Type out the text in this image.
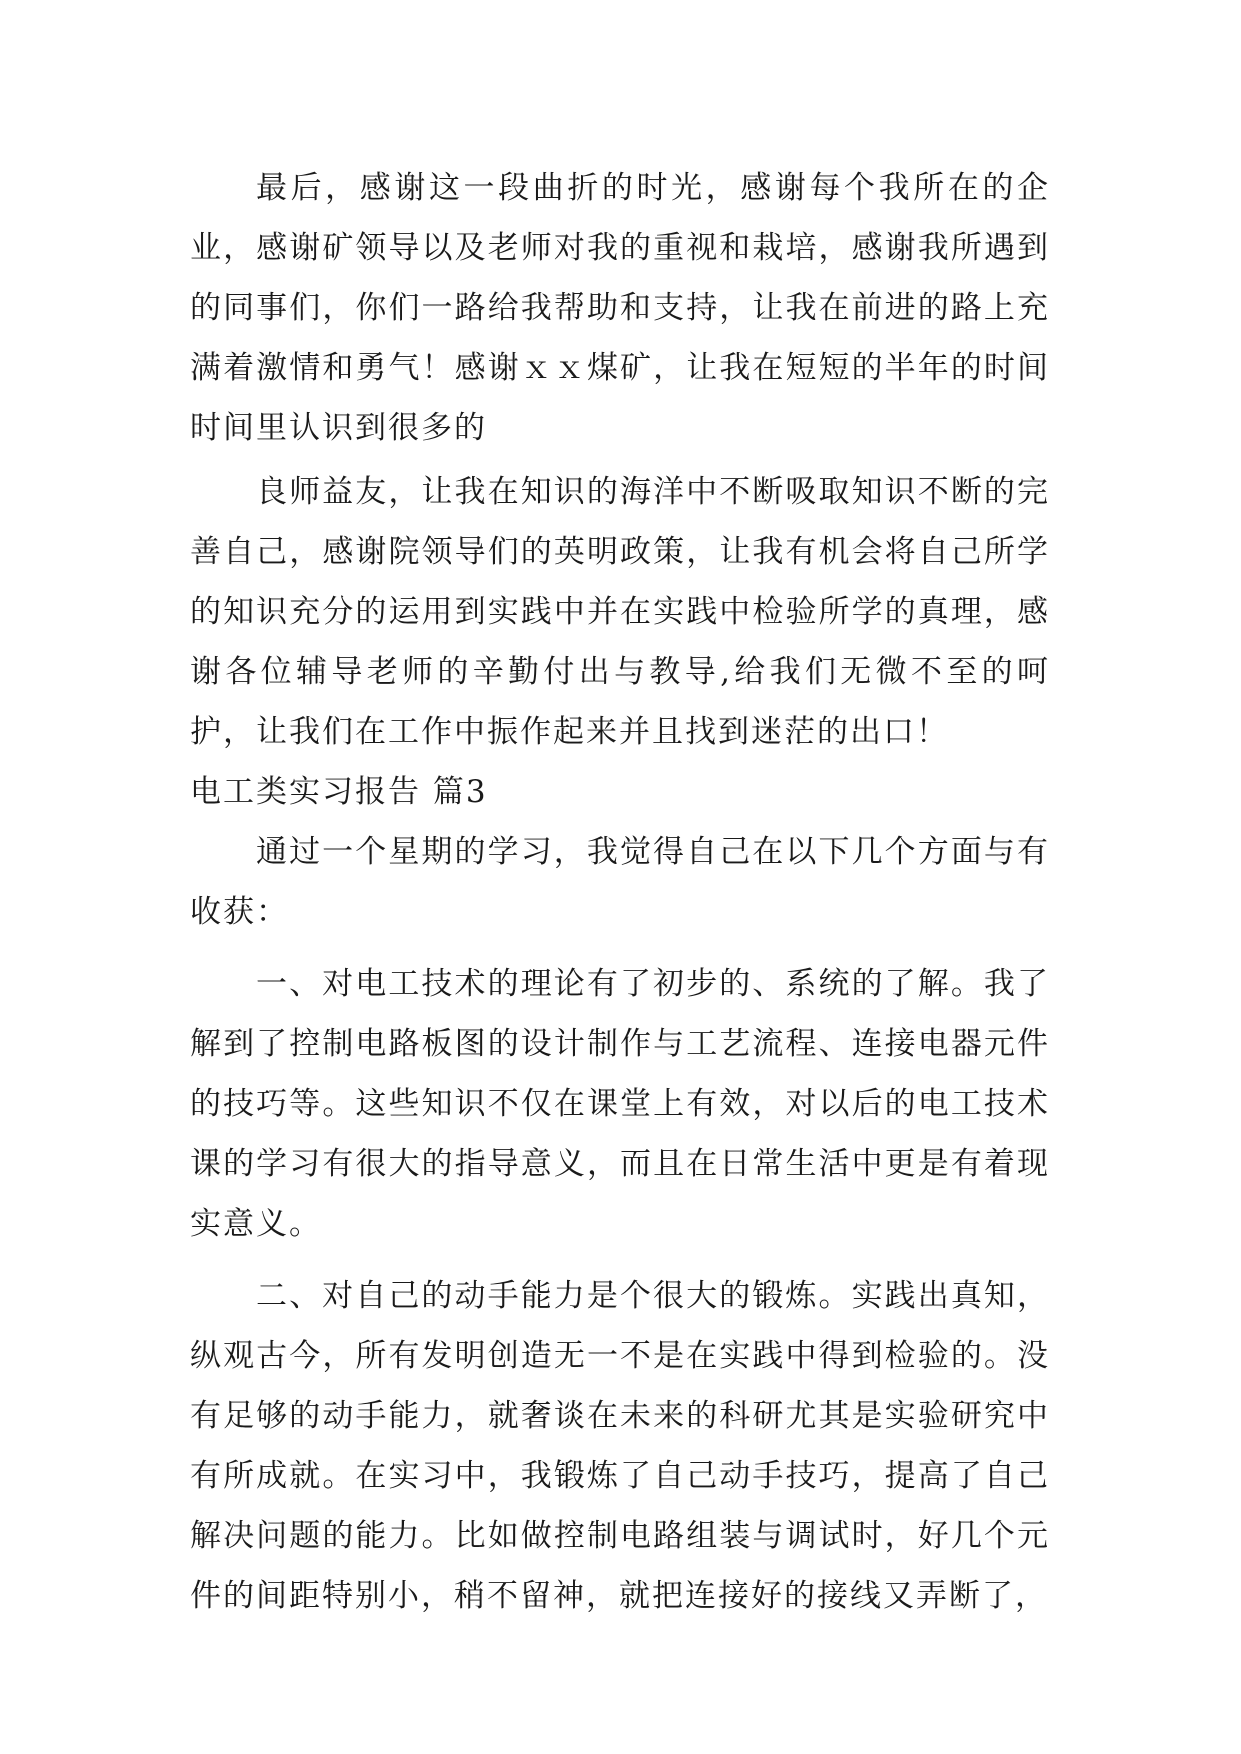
最后，感谢这一段曲折的时光，感谢每个我所在的企业，感谢矿领导以及老师对我的重视和栽培，感谢我所遇到的同事们，你们一路给我帮助和支持，让我在前进的路上充满着激情和勇气！感谢ｘｘ煤矿，让我在短短的半年的时间时间里认识到很多的

良师益友，让我在知识的海洋中不断吸取知识不断的完善自己，感谢院领导们的英明政策，让我有机会将自己所学的知识充分的运用到实践中并在实践中检验所学的真理，感谢各位辅导老师的辛勤付出与教导,给我们无微不至的呵护，让我们在工作中振作起来并且找到迷茫的出口！

电工类实习报告 篇3

通过一个星期的学习，我觉得自己在以下几个方面与有收获：

一、对电工技术的理论有了初步的、系统的了解。我了解到了控制电路板图的设计制作与工艺流程、连接电器元件的技巧等。这些知识不仅在课堂上有效，对以后的电工技术课的学习有很大的指导意义，而且在日常生活中更是有着现实意义。

二、对自己的动手能力是个很大的锻炼。实践出真知，纵观古今，所有发明创造无一不是在实践中得到检验的。没有足够的动手能力，就奢谈在未来的科研尤其是实验研究中有所成就。在实习中，我锻炼了自己动手技巧，提高了自己解决问题的能力。比如做控制电路组装与调试时，好几个元件的间距特别小，稍不留神，就把连接好的接线又弄断了，
